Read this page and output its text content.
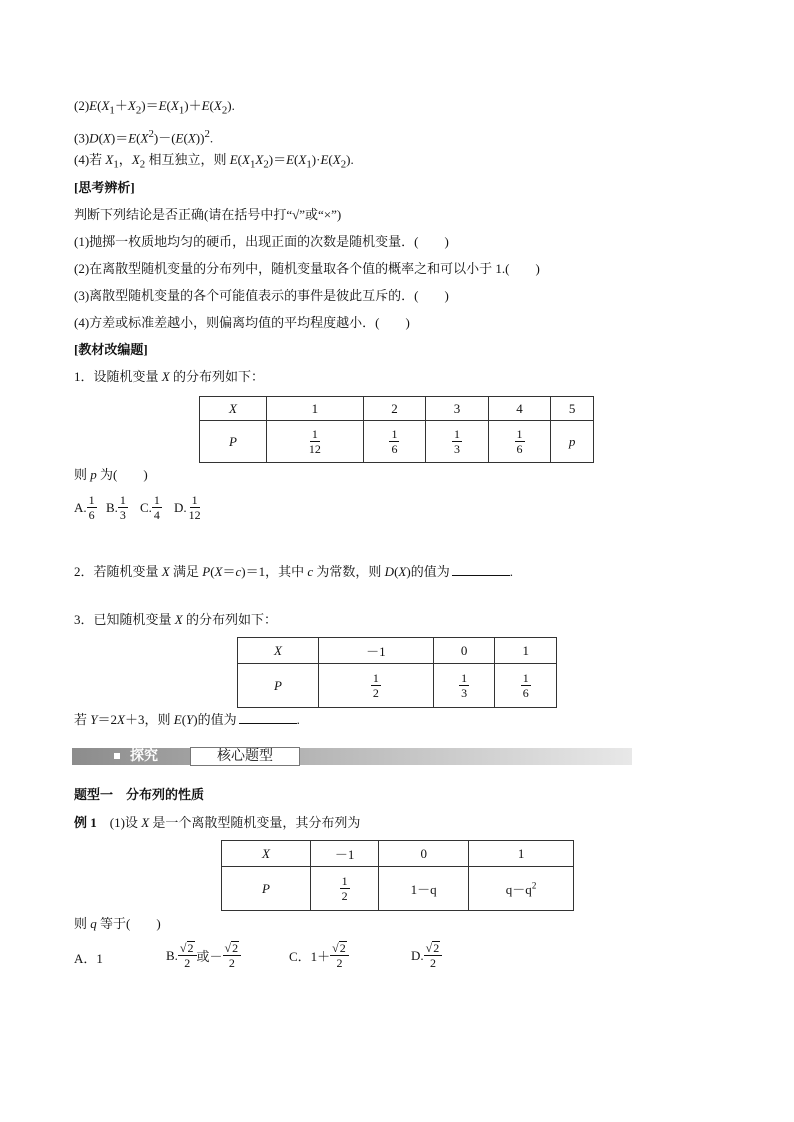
$(2)E(X_1+X_2)=E(X_1)+E(X_2)$.
$(3)D(X)=E(X^2)-(E(X))^2$.
(4)若 $X_1$，$X_2$ 相互独立，则 $E(X_1X_2)=E(X_1)\cdot E(X_2)$.
[思考辨析]
判断下列结论是否正确(请在括号中打“√”或“×”)
(1)抛掷一枚质地均匀的硬币，出现正面的次数是随机变量．(　　)
(2)在离散型随机变量的分布列中，随机变量取各个值的概率之和可以小于 1.(　　)
(3)离散型随机变量的各个可能值表示的事件是彼此互斥的．(　　)
(4)方差或标准差越小，则偏离均值的平均程度越小．(　　)
[教材改编题]
1．设随机变量 X 的分布列如下：
X	1	2	3	4	5
P	$\frac{1}{12}$	$\frac{1}{6}$	$\frac{1}{3}$	$\frac{1}{6}$	p
则 p 为(　　)
A. $\frac{1}{6} B$. $\frac{1}{3} C$. $\frac{1}{4} D$. $\frac{1}{12}$
2．若随机变量 X 满足 P(X＝c)＝1，其中 c 为常数，则 D(X)的值为	.
3．已知随机变量 X 的分布列如下：
X	－1	0	1
P	$\frac{1}{2}$	$\frac{1}{3}$	$\frac{1}{6}$
若 Y＝2X＋3，则 E(Y)的值为	.
探究	核心题型
题型一　分布列的性质
例 1　(1)设 X 是一个离散型随机变量，其分布列为
X	－1	0	1
P	$\frac{1}{2}$	1－q	$q-q^2$
则 q 等于(　　)
A．1	B. $\frac{√2}{2}$ 或－ $\frac{√2}{2}$	C．$1+ \frac{√2}{2}$	D. $\frac{√2}{2}$
